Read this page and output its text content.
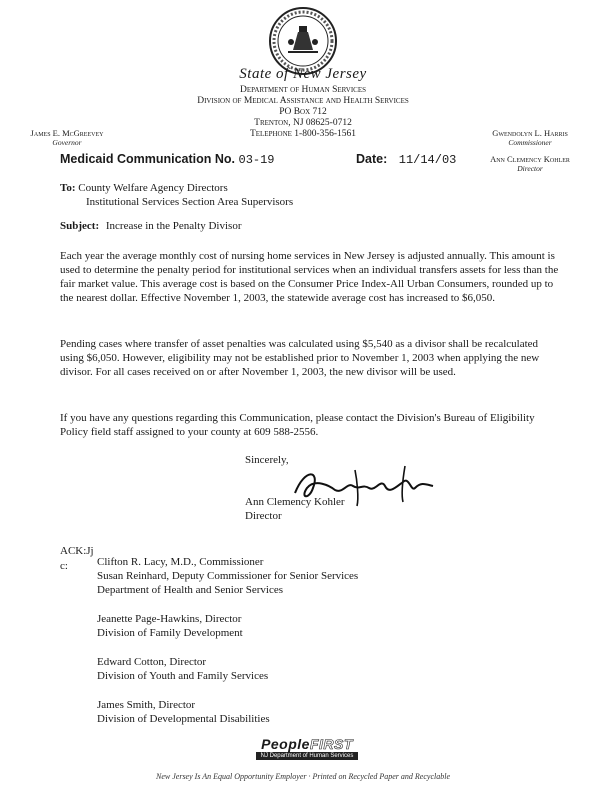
State of New Jersey
Department of Human Services
Division of Medical Assistance and Health Services
PO Box 712
Trenton, NJ 08625-0712
Telephone 1-800-356-1561
James E. McGreevey
Governor
Gwendolyn L. Harris
Commissioner
Ann Clemency Kohler
Director
Medicaid Communication No. 03-19	Date: 11/14/03
To: County Welfare Agency Directors
Institutional Services Section Area Supervisors
Subject: Increase in the Penalty Divisor
Each year the average monthly cost of nursing home services in New Jersey is adjusted annually. This amount is used to determine the penalty period for institutional services when an individual transfers assets for less than the fair market value. This average cost is based on the Consumer Price Index-All Urban Consumers, rounded up to the nearest dollar. Effective November 1, 2003, the statewide average cost has increased to $6,050.
Pending cases where transfer of asset penalties was calculated using $5,540 as a divisor shall be recalculated using $6,050. However, eligibility may not be established prior to November 1, 2003 when applying the new divisor. For all cases received on or after November 1, 2003, the new divisor will be used.
If you have any questions regarding this Communication, please contact the Division's Bureau of Eligibility Policy field staff assigned to your county at 609 588-2556.
Sincerely,
Ann Clemency Kohler
Director
ACK:Jj
c:	Clifton R. Lacy, M.D., Commissioner
Susan Reinhard, Deputy Commissioner for Senior Services
Department of Health and Senior Services
Jeanette Page-Hawkins, Director
Division of Family Development
Edward Cotton, Director
Division of Youth and Family Services
James Smith, Director
Division of Developmental Disabilities
PeopleFIRST
NJ Department of Human Services
New Jersey Is An Equal Opportunity Employer · Printed on Recycled Paper and Recyclable
